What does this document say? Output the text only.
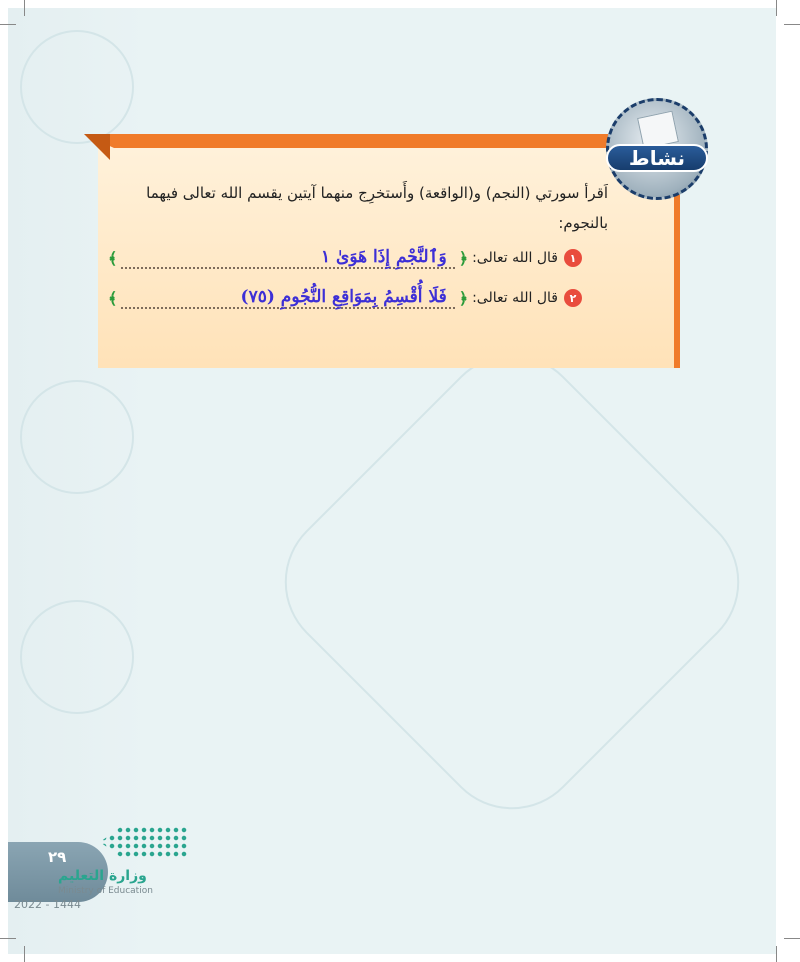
نشاط
اَقرأ سورتي (النجم) و(الواقعة) وأَستخرِج منهما آيتين يقسم الله تعالى فيهما
بالنجوم:
١
قال الله تعالى:
﴿
وَٱلنَّجْمِ إِذَا هَوَىٰ ١
﴾
٢
قال الله تعالى:
﴿
فَلَا أُقْسِمُ بِمَوَاقِعِ النُّجُومِ (٧٥)
﴾
٢٩
وزارة التعليم
Ministry of Education
2022 - 1444
